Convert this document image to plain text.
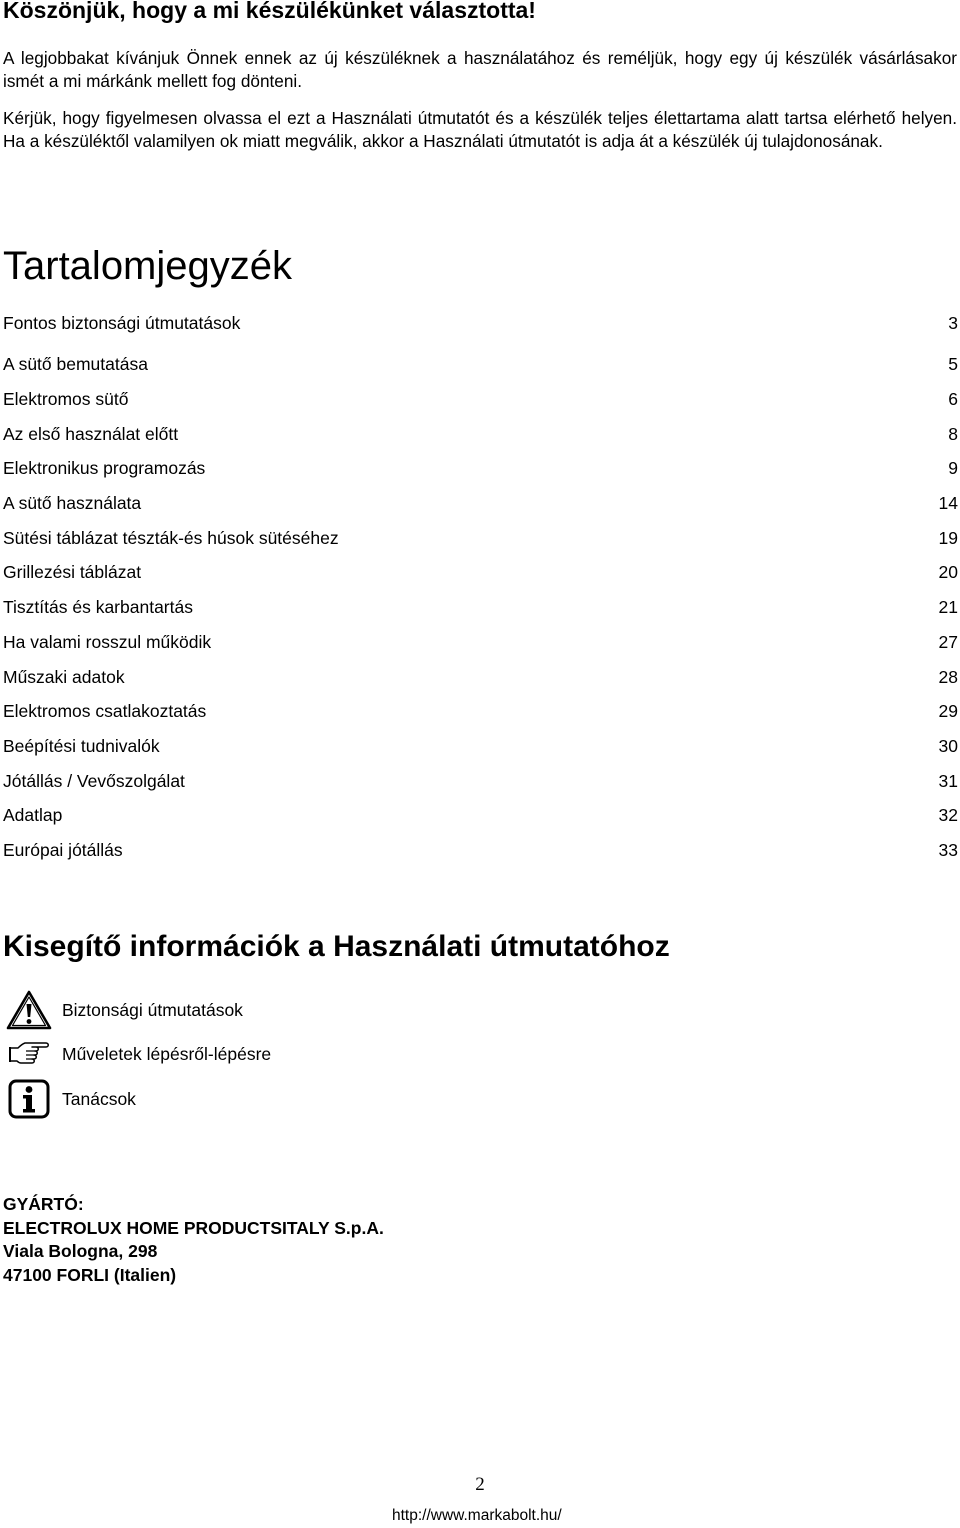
Köszönjük, hogy a mi készülékünket választotta!

A legjobbakat kívánjuk Önnek ennek az új készüléknek a használatához és reméljük, hogy egy új készülék vásárlásakor ismét a mi márkánk mellett fog dönteni.

Kérjük, hogy figyelmesen olvassa el ezt a Használati útmutatót és a készülék teljes élettartama alatt tartsa elérhető helyen. Ha a készüléktől valamilyen ok miatt megválik, akkor a Használati útmutatót is adja át a készülék új tulajdonosának.

Tartalomjegyzék
Fontos biztonsági útmutatások	3
A sütő bemutatása	5
Elektromos sütő	6
Az első használat előtt	8
Elektronikus programozás	9
A sütő használata	14
Sütési táblázat tészták-és húsok sütéséhez	19
Grillezési táblázat	20
Tisztítás és karbantartás	21
Ha valami rosszul működik	27
Műszaki adatok	28
Elektromos csatlakoztatás	29
Beépítési tudnivalók	30
Jótállás / Vevőszolgálat	31
Adatlap	32
Európai jótállás	33
Kisegítő információk a Használati útmutatóhoz
Biztonsági útmutatások
Műveletek lépésről-lépésre
Tanácsok
GYÁRTÓ:
ELECTROLUX HOME PRODUCTSITALY S.p.A.
Viala Bologna, 298
47100 FORLI (Italien)
2
http://www.markabolt.hu/
